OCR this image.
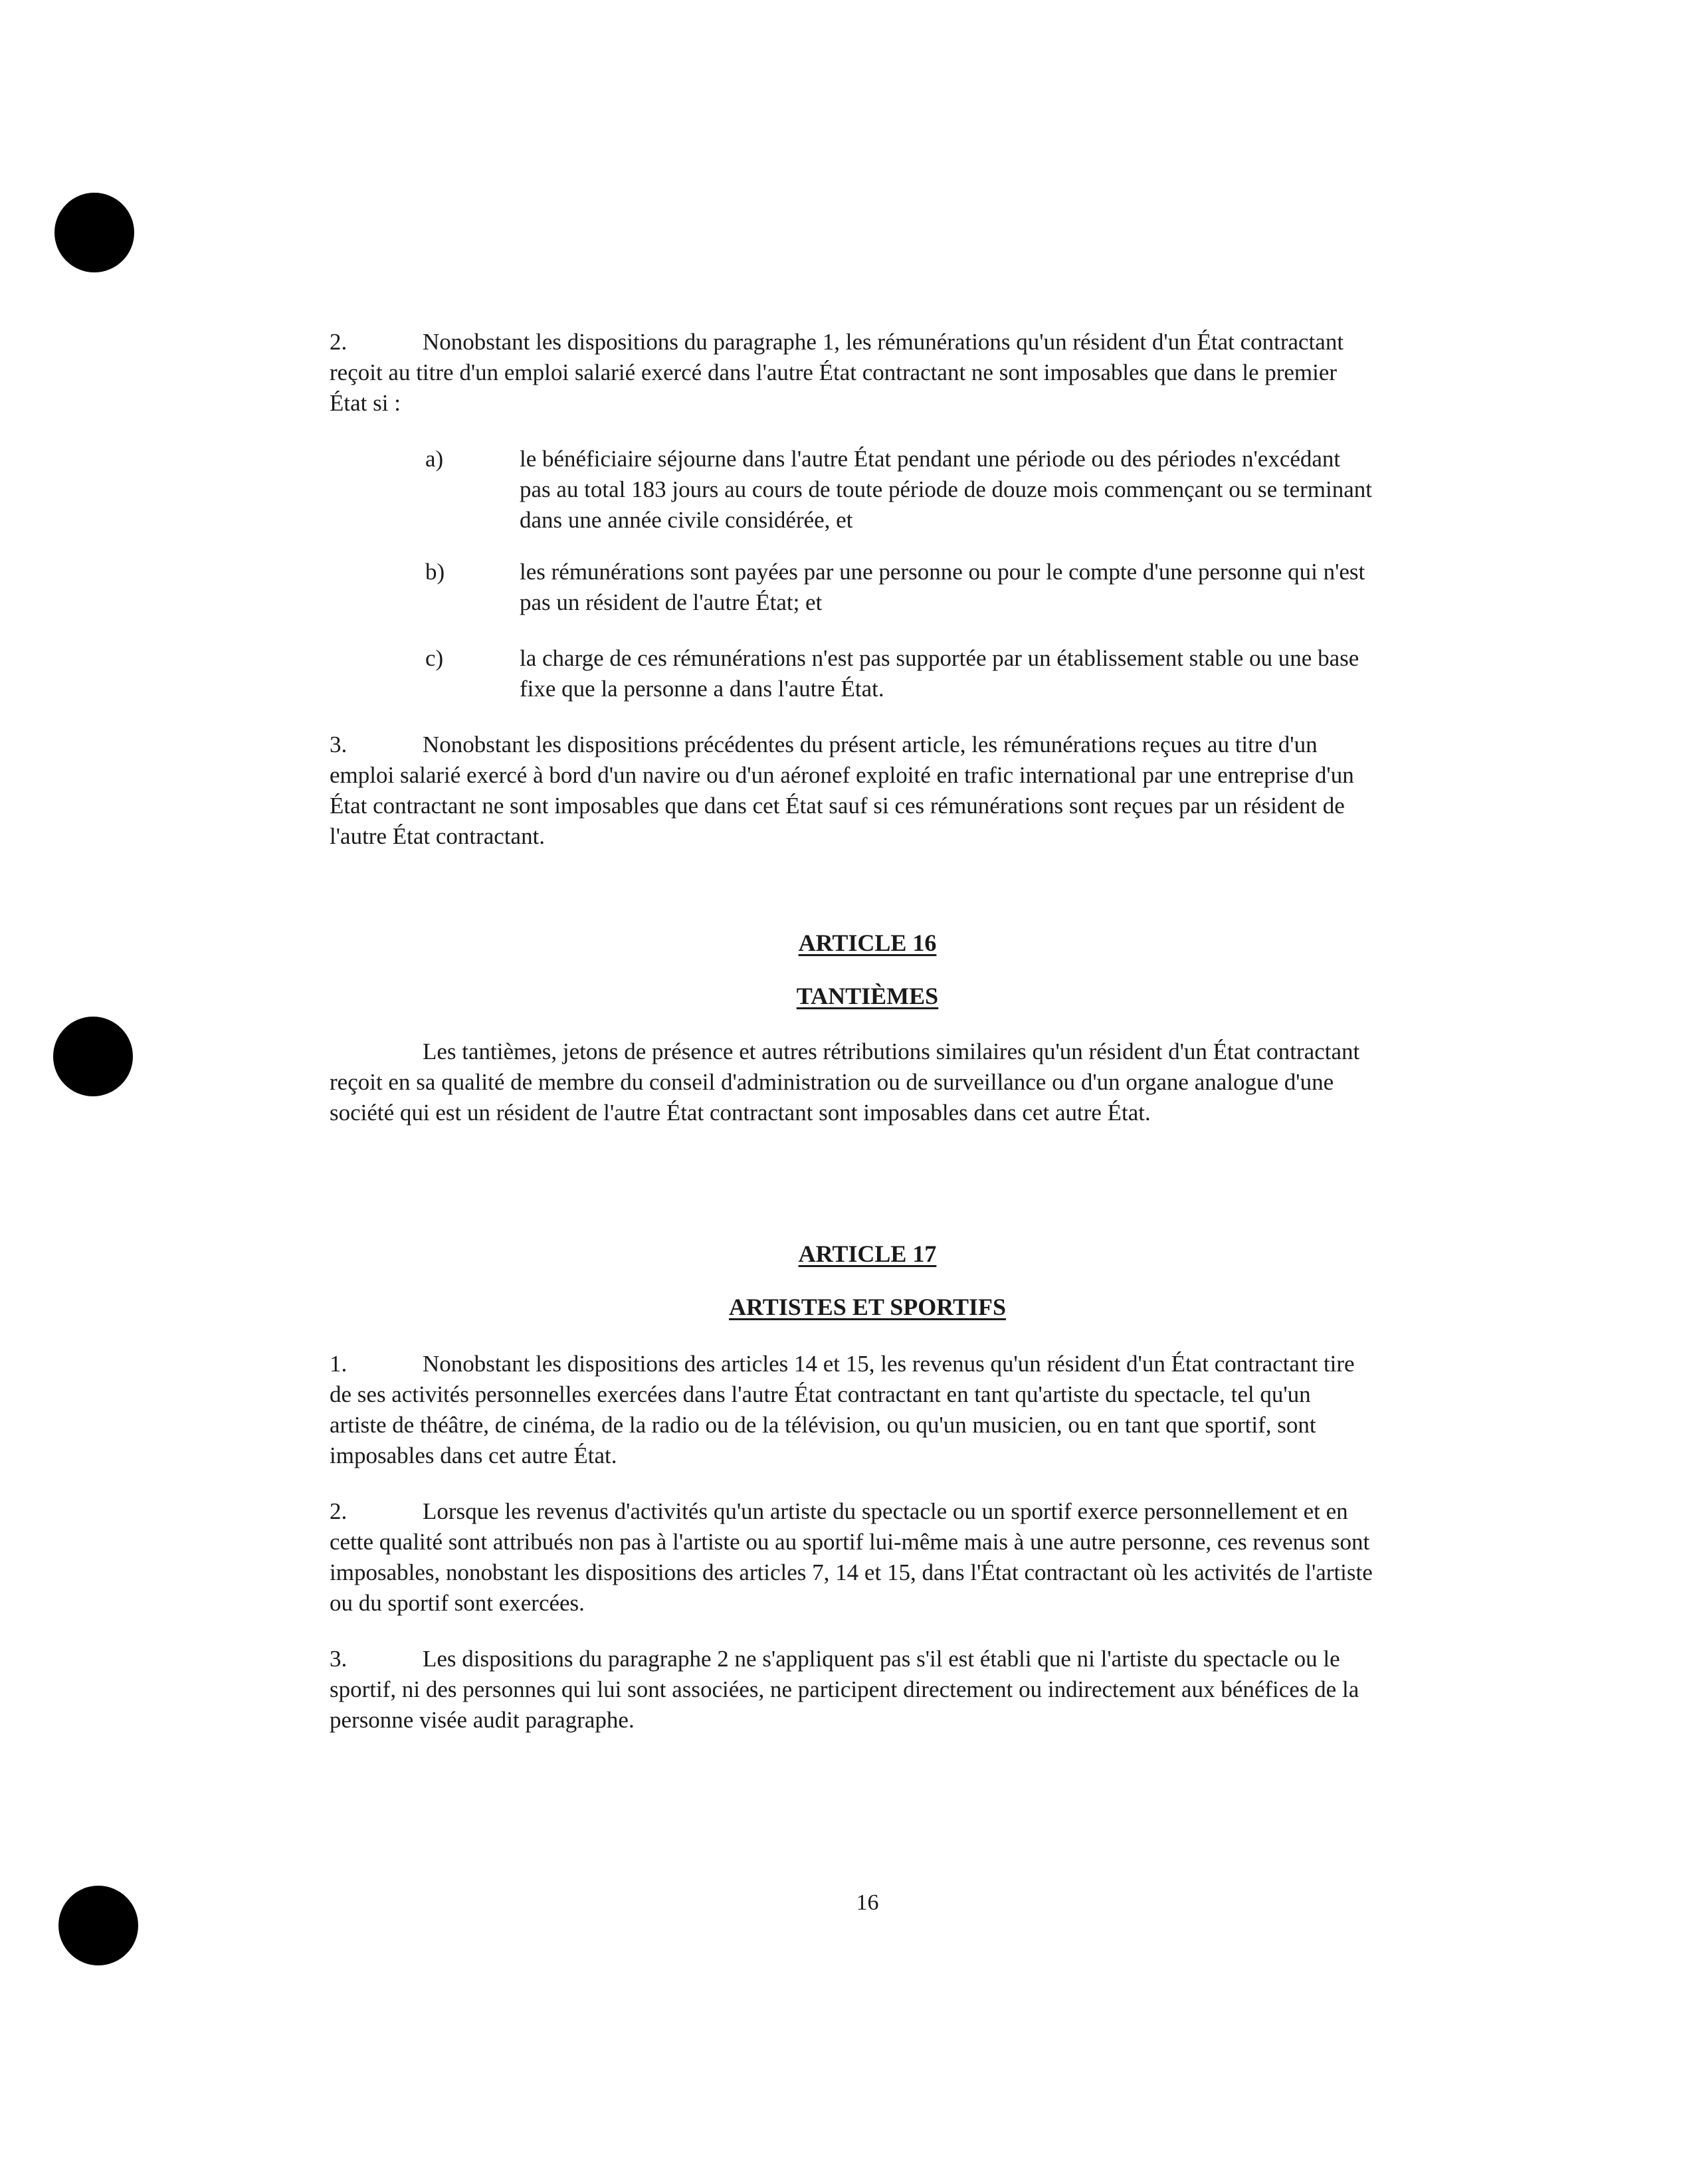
2.	Nonobstant les dispositions du paragraphe 1, les rémunérations qu'un résident d'un État contractant reçoit au titre d'un emploi salarié exercé dans l'autre État contractant ne sont imposables que dans le premier État si :

a)	le bénéficiaire séjourne dans l'autre État pendant une période ou des périodes n'excédant pas au total 183 jours au cours de toute période de douze mois commençant ou se terminant dans une année civile considérée, et
b)	les rémunérations sont payées par une personne ou pour le compte d'une personne qui n'est pas un résident de l'autre État; et
c)	la charge de ces rémunérations n'est pas supportée par un établissement stable ou une base fixe que la personne a dans l'autre État.

3.	Nonobstant les dispositions précédentes du présent article, les rémunérations reçues au titre d'un emploi salarié exercé à bord d'un navire ou d'un aéronef exploité en trafic international par une entreprise d'un État contractant ne sont imposables que dans cet État sauf si ces rémunérations sont reçues par un résident de l'autre État contractant.

ARTICLE 16
TANTIÈMES

Les tantièmes, jetons de présence et autres rétributions similaires qu'un résident d'un État contractant reçoit en sa qualité de membre du conseil d'administration ou de surveillance ou d'un organe analogue d'une société qui est un résident de l'autre État contractant sont imposables dans cet autre État.

ARTICLE 17
ARTISTES ET SPORTIFS

1.	Nonobstant les dispositions des articles 14 et 15, les revenus qu'un résident d'un État contractant tire de ses activités personnelles exercées dans l'autre État contractant en tant qu'artiste du spectacle, tel qu'un artiste de théâtre, de cinéma, de la radio ou de la télévision, ou qu'un musicien, ou en tant que sportif, sont imposables dans cet autre État.

2.	Lorsque les revenus d'activités qu'un artiste du spectacle ou un sportif exerce personnellement et en cette qualité sont attribués non pas à l'artiste ou au sportif lui-même mais à une autre personne, ces revenus sont imposables, nonobstant les dispositions des articles 7, 14 et 15, dans l'État contractant où les activités de l'artiste ou du sportif sont exercées.

3.	Les dispositions du paragraphe 2 ne s'appliquent pas s'il est établi que ni l'artiste du spectacle ou le sportif, ni des personnes qui lui sont associées, ne participent directement ou indirectement aux bénéfices de la personne visée audit paragraphe.

16
